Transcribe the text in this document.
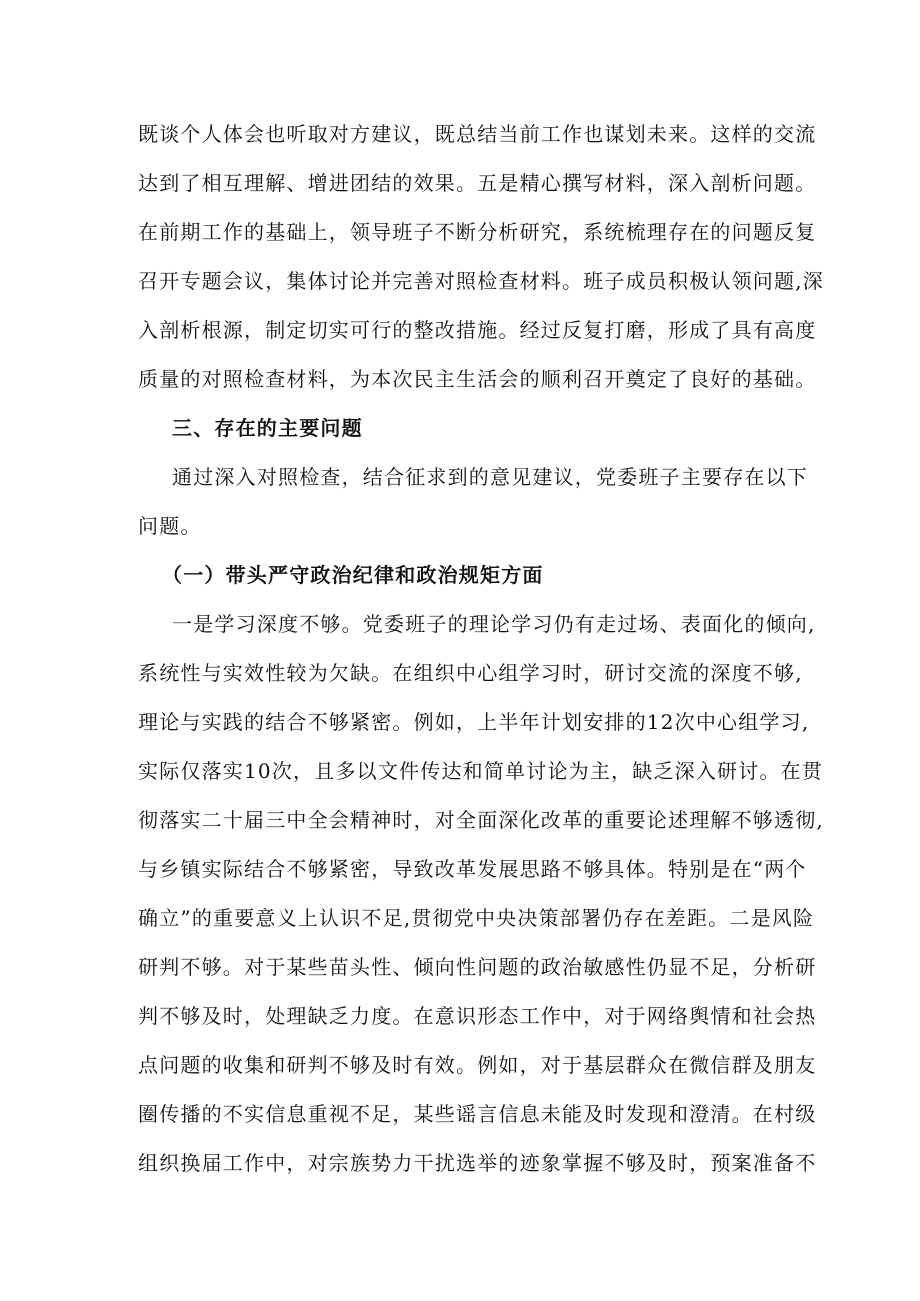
既谈个人体会也听取对方建议，既总结当前工作也谋划未来。这样的交流
达到了相互理解、增进团结的效果。五是精心撰写材料，深入剖析问题。
在前期工作的基础上，领导班子不断分析研究，系统梳理存在的问题反复
召开专题会议，集体讨论并完善对照检查材料。班子成员积极认领问题,深
入剖析根源，制定切实可行的整改措施。经过反复打磨，形成了具有高度
质量的对照检查材料，为本次民主生活会的顺利召开奠定了良好的基础。
三、存在的主要问题
通过深入对照检查，结合征求到的意见建议，党委班子主要存在以下
问题。
（一）带头严守政治纪律和政治规矩方面
一是学习深度不够。党委班子的理论学习仍有走过场、表面化的倾向,
系统性与实效性较为欠缺。在组织中心组学习时，研讨交流的深度不够,
理论与实践的结合不够紧密。例如，上半年计划安排的12次中心组学习,
实际仅落实10次，且多以文件传达和简单讨论为主，缺乏深入研讨。在贯
彻落实二十届三中全会精神时，对全面深化改革的重要论述理解不够透彻,
与乡镇实际结合不够紧密，导致改革发展思路不够具体。特别是在“两个
确立”的重要意义上认识不足,贯彻党中央决策部署仍存在差距。二是风险
研判不够。对于某些苗头性、倾向性问题的政治敏感性仍显不足，分析研
判不够及时，处理缺乏力度。在意识形态工作中，对于网络舆情和社会热
点问题的收集和研判不够及时有效。例如，对于基层群众在微信群及朋友
圈传播的不实信息重视不足，某些谣言信息未能及时发现和澄清。在村级
组织换届工作中，对宗族势力干扰选举的迹象掌握不够及时，预案准备不
